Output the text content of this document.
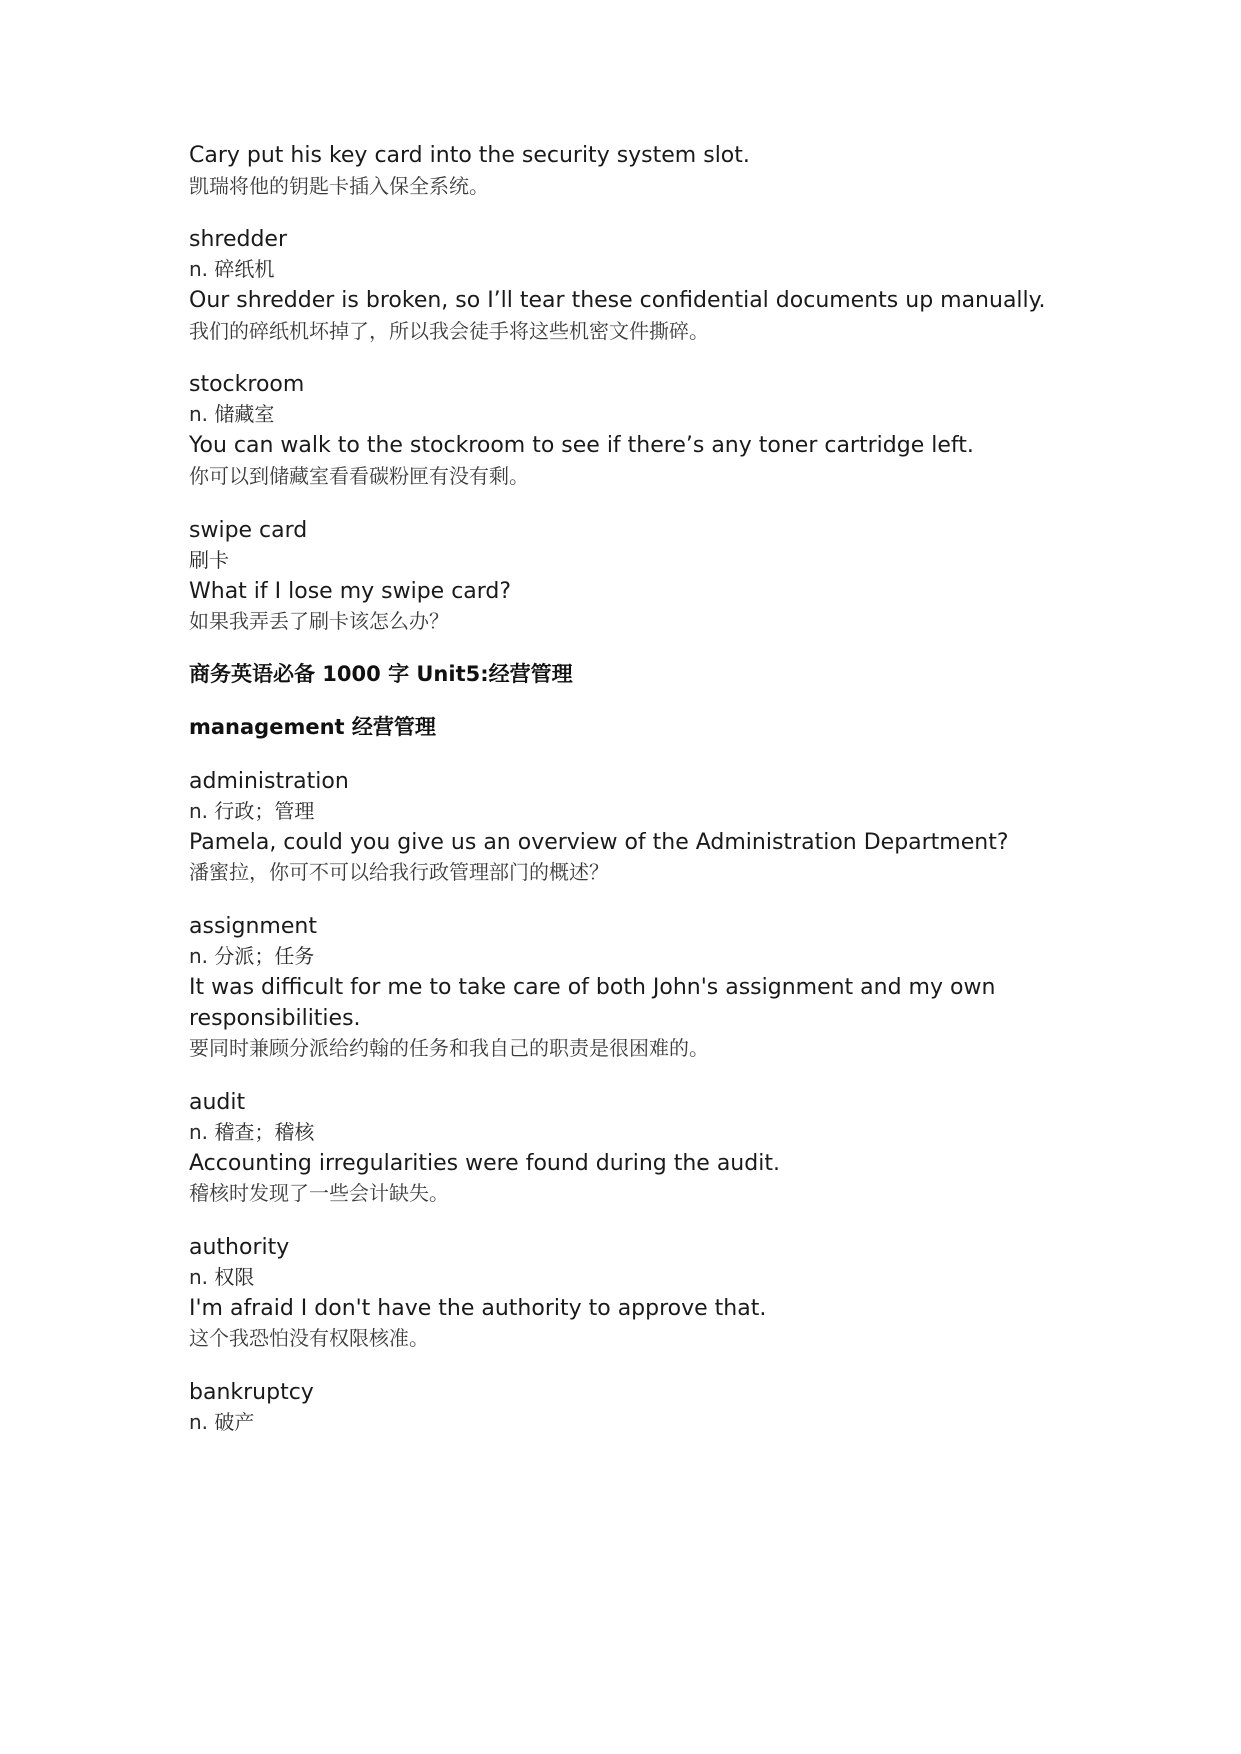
Cary put his key card into the security system slot.
凯瑞将他的钥匙卡插入保全系统。
shredder
n. 碎纸机
Our shredder is broken, so I’ll tear these confidential documents up manually.
我们的碎纸机坏掉了，所以我会徒手将这些机密文件撕碎。
stockroom
n. 储藏室
You can walk to the stockroom to see if there’s any toner cartridge left.
你可以到储藏室看看碳粉匣有没有剩。
swipe card
刷卡
What if I lose my swipe card?
如果我弄丢了刷卡该怎么办？
商务英语必备 1000 字 Unit5:经营管理
management 经营管理
administration
n. 行政；管理
Pamela, could you give us an overview of the Administration Department?
潘蜜拉，你可不可以给我行政管理部门的概述？
assignment
n. 分派；任务
It was difficult for me to take care of both John's assignment and my own
responsibilities.
要同时兼顾分派给约翰的任务和我自己的职责是很困难的。
audit
n. 稽查；稽核
Accounting irregularities were found during the audit.
稽核时发现了一些会计缺失。
authority
n. 权限
I'm afraid I don't have the authority to approve that.
这个我恐怕没有权限核准。
bankruptcy
n. 破产
